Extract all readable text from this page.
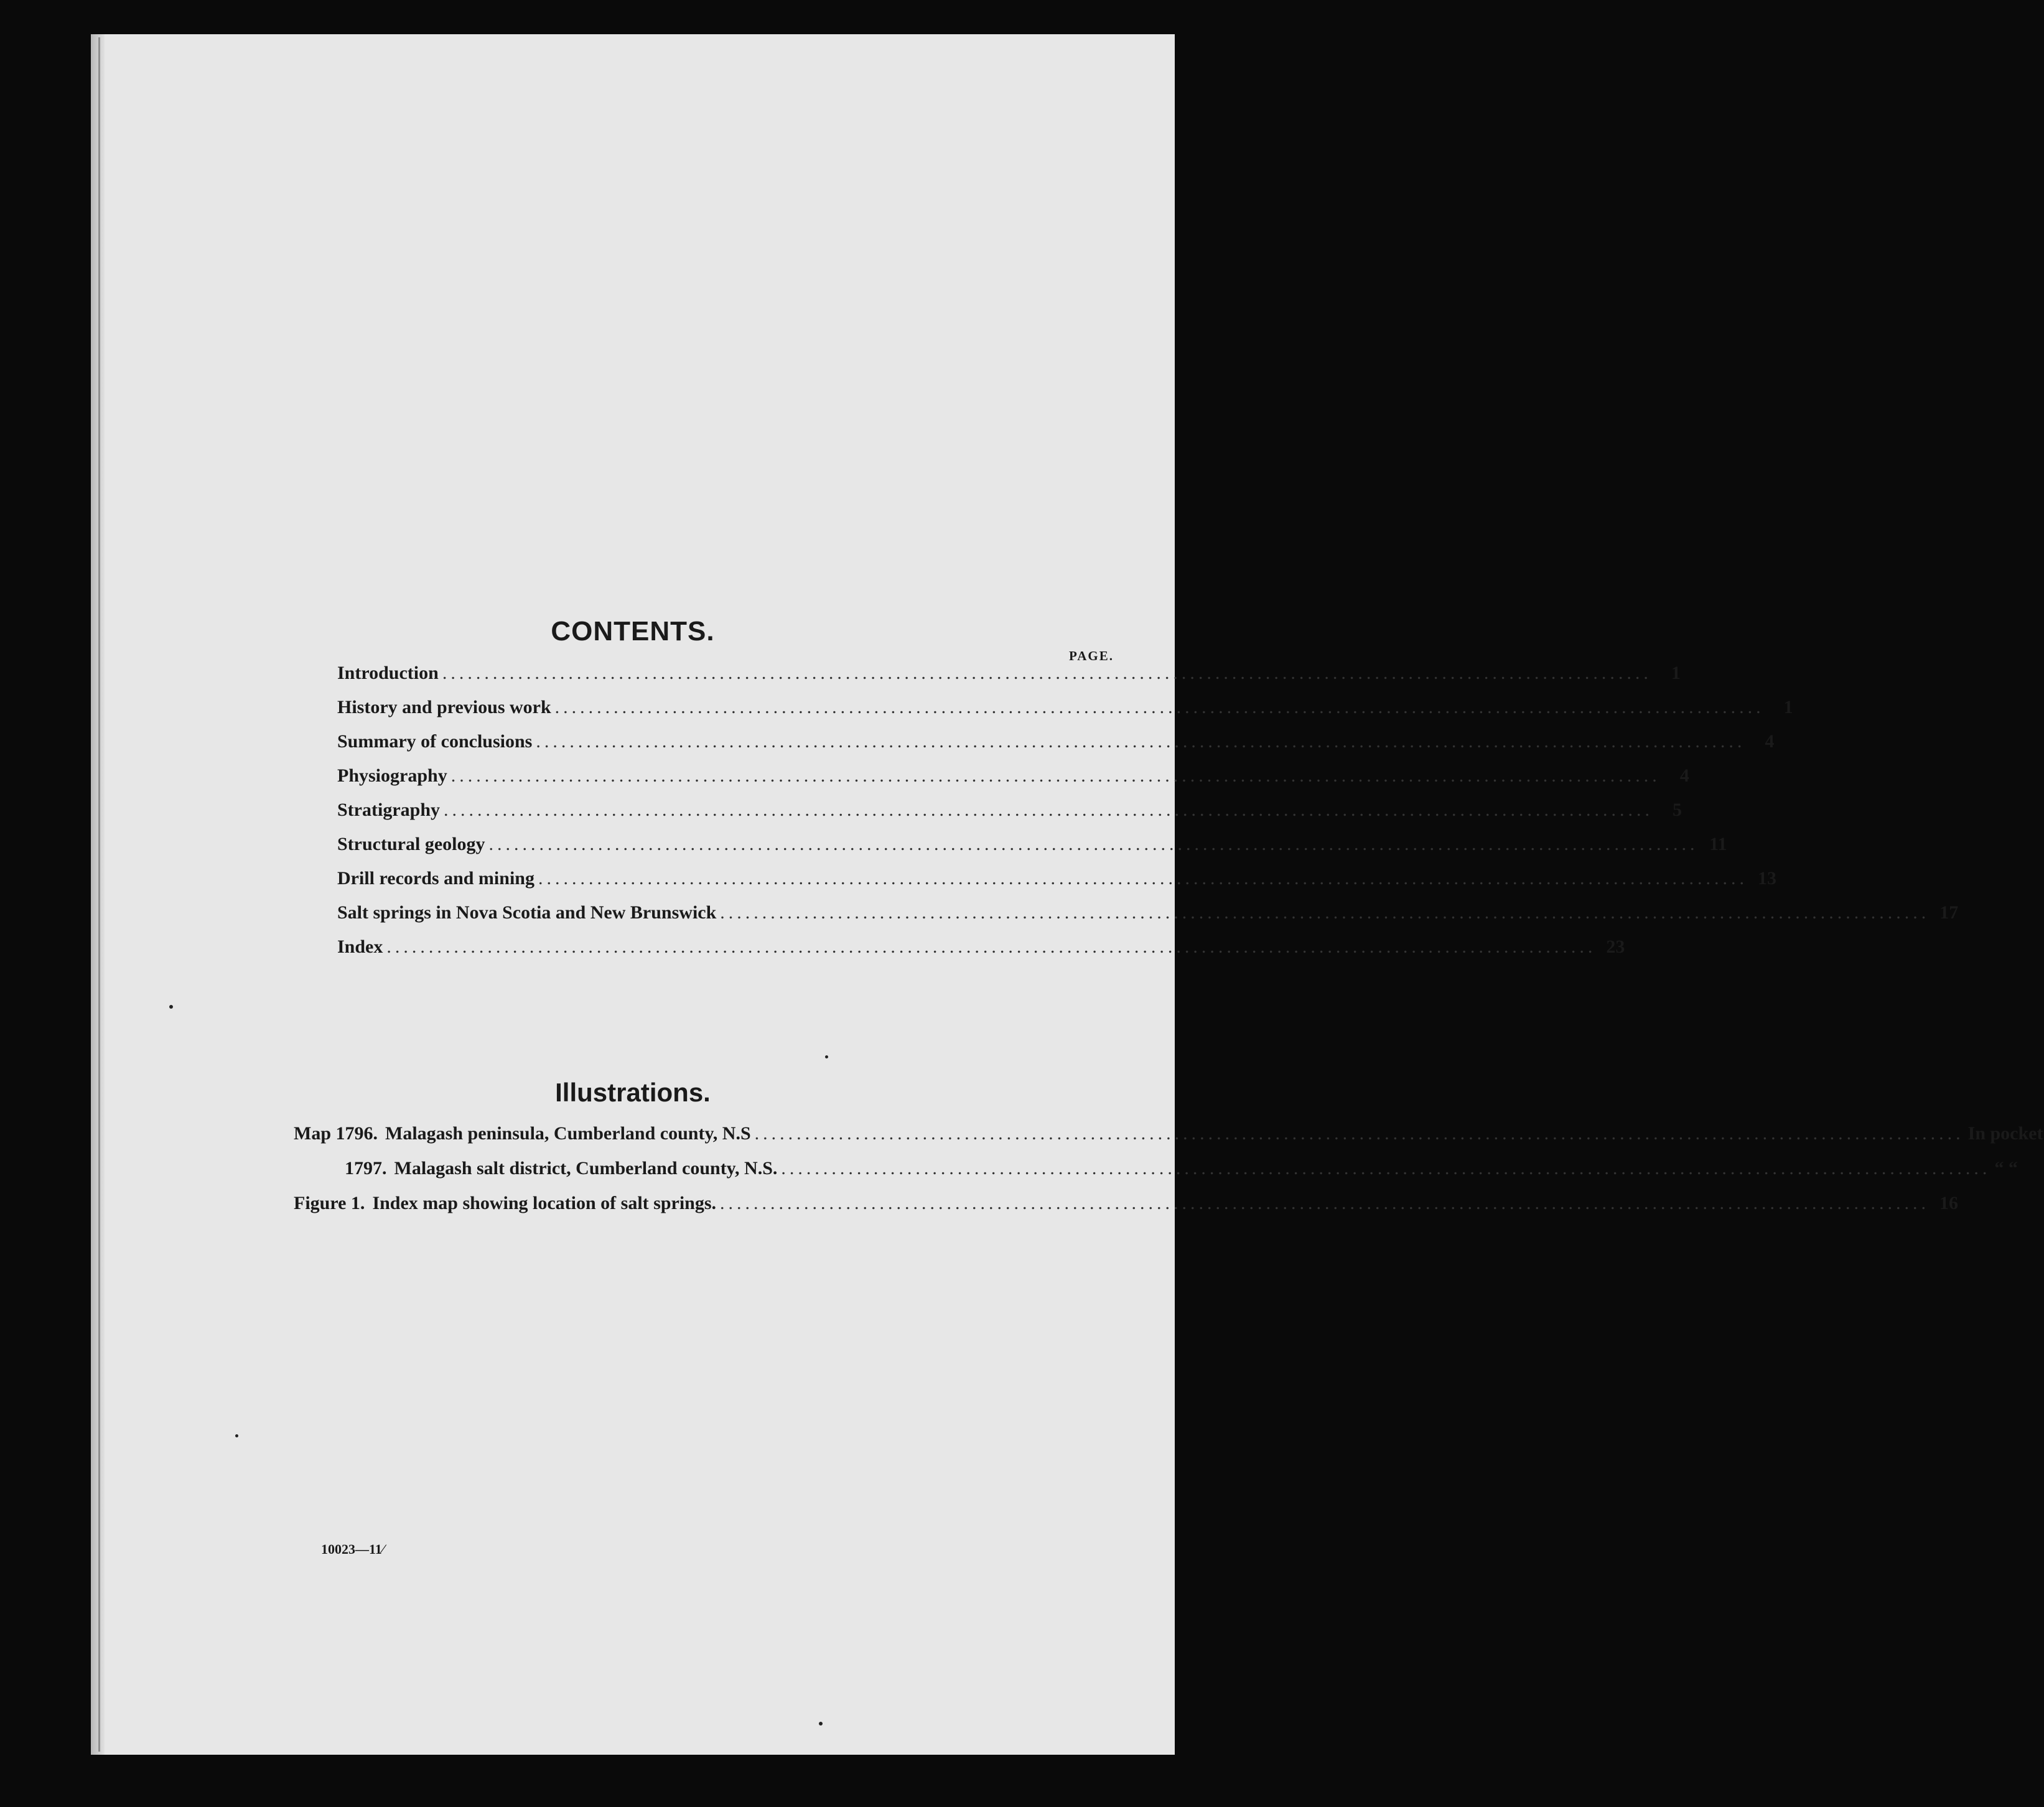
CONTENTS.
PAGE.
Introduction ................................................................................................................................................	1
History and previous work ................................................................................................................................................	1
Summary of conclusions ................................................................................................................................................	4
Physiography ................................................................................................................................................	4
Stratigraphy ................................................................................................................................................	5
Structural geology ................................................................................................................................................ 11
Drill records and mining ................................................................................................................................................ 13
Salt springs in Nova Scotia and New Brunswick ................................................................................................................................................ 17
Index ................................................................................................................................................ 23
Illustrations.
Map 1796. Malagash peninsula, Cumberland county, N.S ................................................................................................................................................ In pocket
1797. Malagash salt district, Cumberland county, N.S. ................................................................................................................................................ “ “
Figure 1. Index map showing location of salt springs. ................................................................................................................................................ 16
10023—11⁄
